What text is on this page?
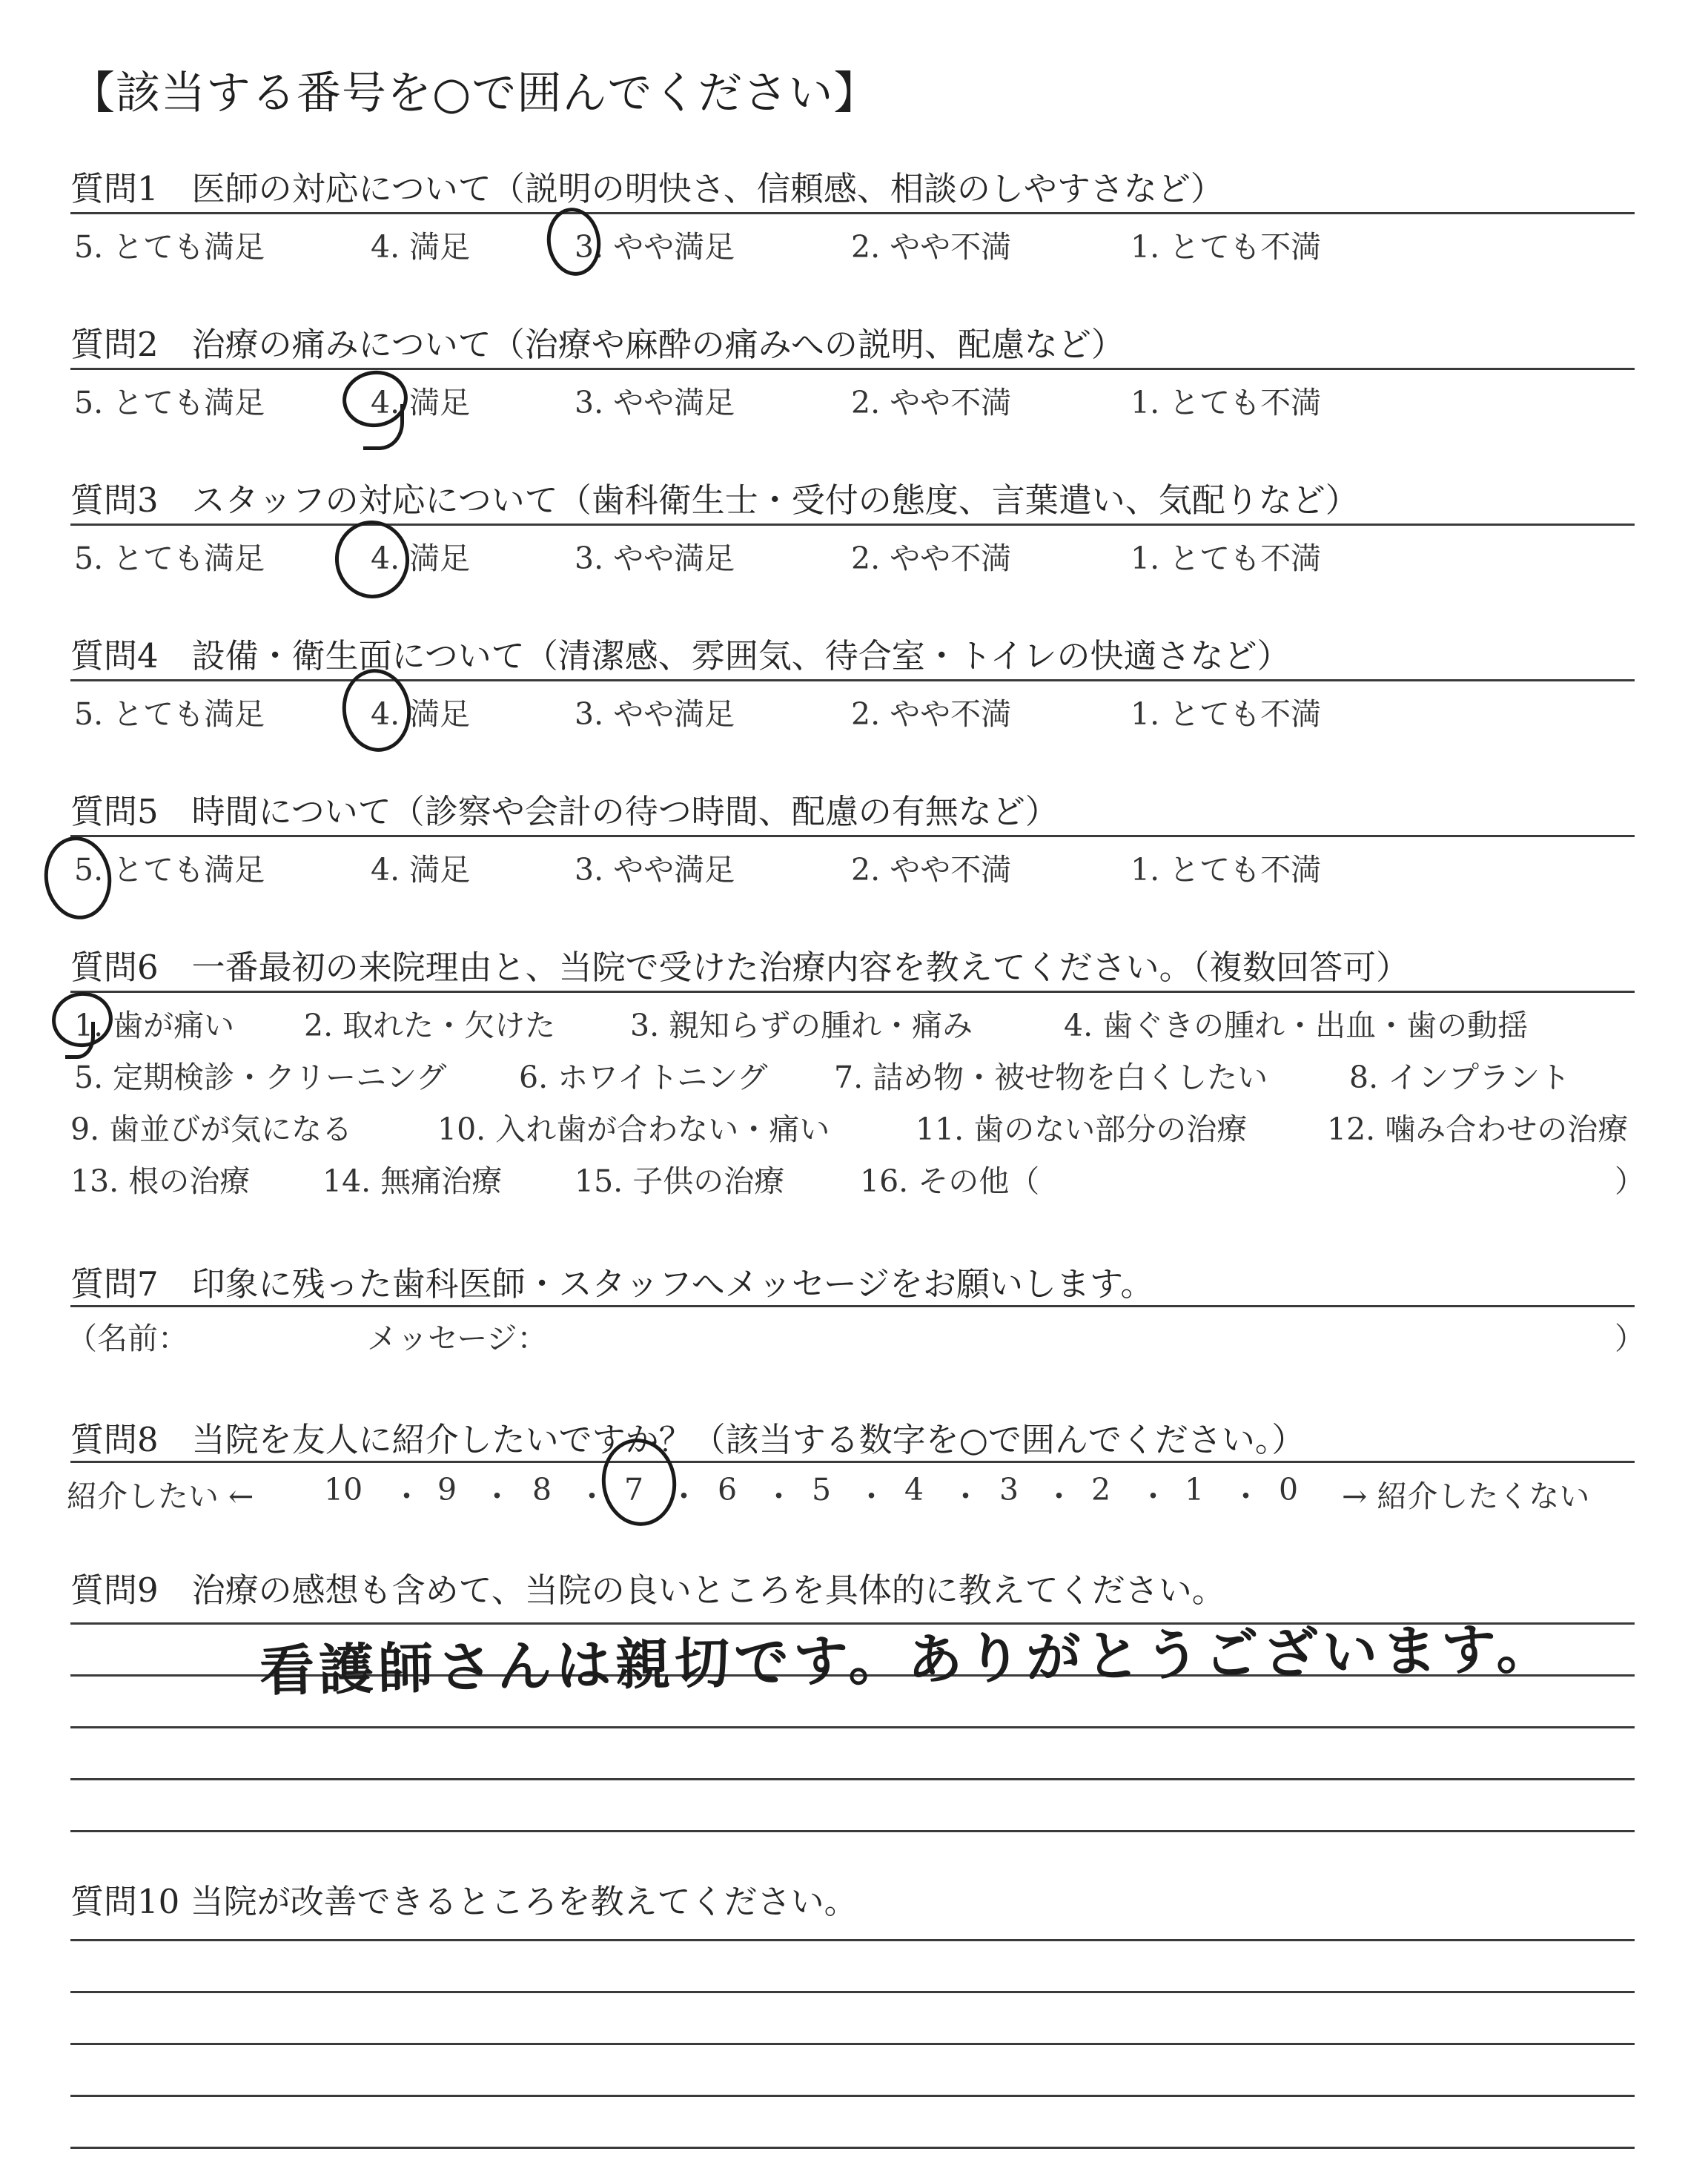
【該当する番号を○で囲んでください】
質問1　医師の対応について（説明の明快さ、信頼感、相談のしやすさなど）
5. とても満足	4. 満足	3. やや満足	2. やや不満	1. とても不満
質問2　治療の痛みについて（治療や麻酔の痛みへの説明、配慮など）
5. とても満足	4. 満足	3. やや満足	2. やや不満	1. とても不満
質問3　スタッフの対応について（歯科衛生士・受付の態度、言葉遣い、気配りなど）
5. とても満足	4. 満足	3. やや満足	2. やや不満	1. とても不満
質問4　設備・衛生面について（清潔感、雰囲気、待合室・トイレの快適さなど）
5. とても満足	4. 満足	3. やや満足	2. やや不満	1. とても不満
質問5　時間について（診察や会計の待つ時間、配慮の有無など）
5. とても満足	4. 満足	3. やや満足	2. やや不満	1. とても不満
質問6　一番最初の来院理由と、当院で受けた治療内容を教えてください。（複数回答可）
1. 歯が痛い 2. 取れた・欠けた 3. 親知らずの腫れ・痛み	4. 歯ぐきの腫れ・出血・歯の動揺
5. 定期検診・クリーニング 6. ホワイトニング 7. 詰め物・被せ物を白くしたい	8. インプラント
9. 歯並びが気になる	10. 入れ歯が合わない・痛い	11. 歯のない部分の治療	12. 噛み合わせの治療
13. 根の治療 14. 無痛治療 15. 子供の治療 16. その他（	）
質問7　印象に残った歯科医師・スタッフへメッセージをお願いします。
（名前：	メッセージ：	）
質問8　当院を友人に紹介したいですか？（該当する数字を○で囲んでください。）
紹介したい ← 10 ・ 9 ・ 8 ・ 7 ・ 6 ・ 5 ・ 4 ・ 3 ・ 2 ・ 1 ・ 0 → 紹介したくない
質問9　治療の感想も含めて、当院の良いところを具体的に教えてください。
看護師さんは親切です。ありがとうございます。
質問10 当院が改善できるところを教えてください。
